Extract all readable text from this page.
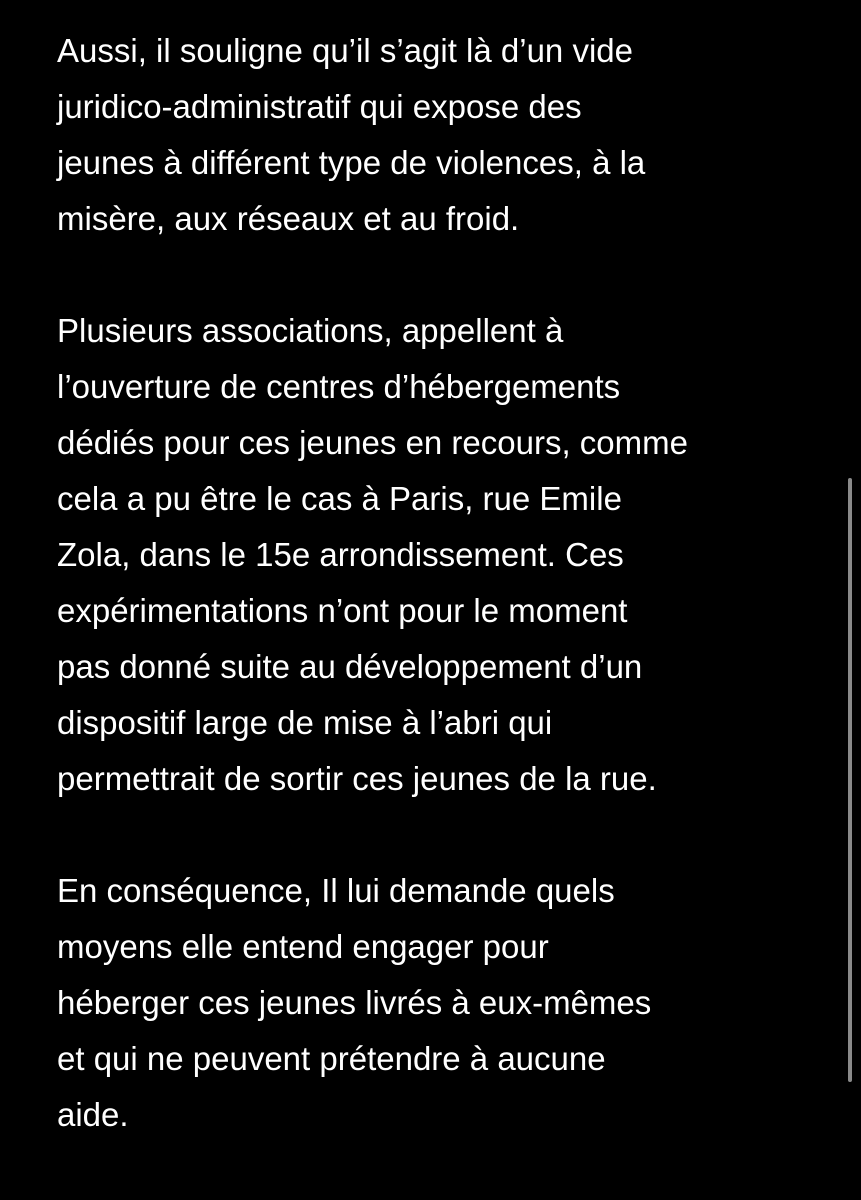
Aussi, il souligne qu’il s’agit là d’un vide
juridico-administratif qui expose des
jeunes à différent type de violences, à la
misère, aux réseaux et au froid.

Plusieurs associations, appellent à
l’ouverture de centres d’hébergements
dédiés pour ces jeunes en recours, comme
cela a pu être le cas à Paris, rue Emile
Zola, dans le 15e arrondissement. Ces
expérimentations n’ont pour le moment
pas donné suite au développement d’un
dispositif large de mise à l’abri qui
permettrait de sortir ces jeunes de la rue.

En conséquence, Il lui demande quels
moyens elle entend engager pour
héberger ces jeunes livrés à eux-mêmes
et qui ne peuvent prétendre à aucune
aide.
